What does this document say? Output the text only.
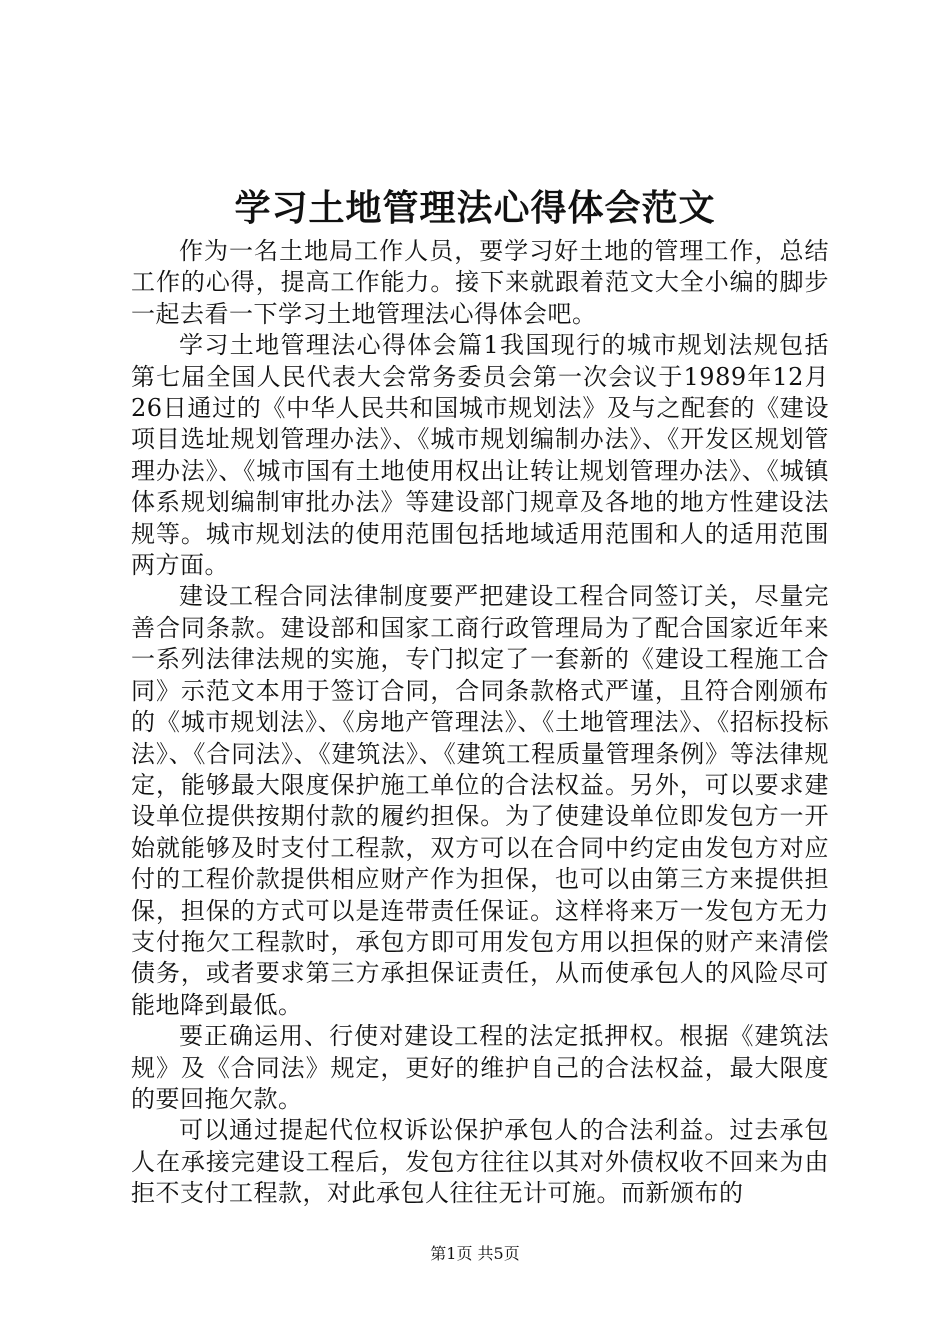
学习土地管理法心得体会范文

作为一名土地局工作人员，要学习好土地的管理工作，总结工作的心得，提高工作能力。接下来就跟着范文大全小编的脚步一起去看一下学习土地管理法心得体会吧。

学习土地管理法心得体会篇1我国现行的城市规划法规包括第七届全国人民代表大会常务委员会第一次会议于1989年12月26日通过的《中华人民共和国城市规划法》及与之配套的《建设项目选址规划管理办法》、《城市规划编制办法》、《开发区规划管理办法》、《城市国有土地使用权出让转让规划管理办法》、《城镇体系规划编制审批办法》等建设部门规章及各地的地方性建设法规等。城市规划法的使用范围包括地域适用范围和人的适用范围两方面。

建设工程合同法律制度要严把建设工程合同签订关，尽量完善合同条款。建设部和国家工商行政管理局为了配合国家近年来一系列法律法规的实施，专门拟定了一套新的《建设工程施工合同》示范文本用于签订合同，合同条款格式严谨，且符合刚颁布的《城市规划法》、《房地产管理法》、《土地管理法》、《招标投标法》、《合同法》、《建筑法》、《建筑工程质量管理条例》等法律规定，能够最大限度保护施工单位的合法权益。另外，可以要求建设单位提供按期付款的履约担保。为了使建设单位即发包方一开始就能够及时支付工程款，双方可以在合同中约定由发包方对应付的工程价款提供相应财产作为担保，也可以由第三方来提供担保，担保的方式可以是连带责任保证。这样将来万一发包方无力支付拖欠工程款时，承包方即可用发包方用以担保的财产来清偿债务，或者要求第三方承担保证责任，从而使承包人的风险尽可能地降到最低。

要正确运用、行使对建设工程的法定抵押权。根据《建筑法规》及《合同法》规定，更好的维护自己的合法权益，最大限度的要回拖欠款。

可以通过提起代位权诉讼保护承包人的合法利益。过去承包人在承接完建设工程后，发包方往往以其对外债权收不回来为由拒不支付工程款，对此承包人往往无计可施。而新颁布的

第1页 共5页
